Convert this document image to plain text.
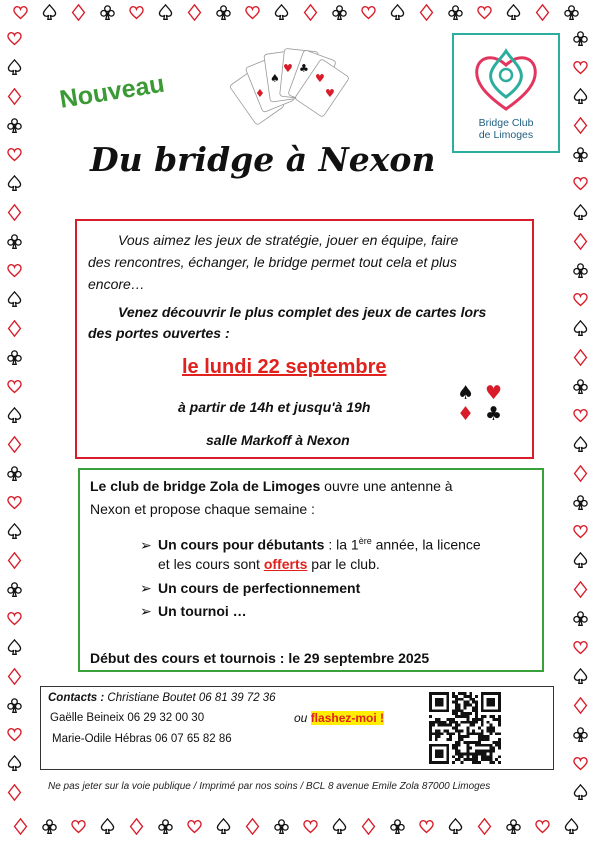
Nouveau	♦
♠
♥ ♣
♥
♥
Bridge Club
de Limoges
Du bridge à Nexon
Vous aimez les jeux de stratégie, jouer en équipe, faire
des rencontres, échanger, le bridge permet tout cela et plus
encore…
Venez découvrir le plus complet des jeux de cartes lors
des portes ouvertes :
le lundi 22 septembre
à partir de 14h et jusqu'à 19h
salle Markoff à Nexon
♠ ♥
♦ ♣
Le club de bridge Zola de Limoges ouvre une antenne à
Nexon et propose chaque semaine :
➢ Un cours pour débutants : la 1ère année, la licence
et les cours sont offerts par le club.
➢ Un cours de perfectionnement
➢ Un tournoi …
Début des cours et tournois : le 29 septembre 2025
Contacts : Christiane Boutet 06 81 39 72 36
Gaëlle Beineix 06 29 32 00 30
Marie-Odile Hébras 06 07 65 82 86
ou flashez-moi !
Ne pas jeter sur la voie publique / Imprimé par nos soins / BCL 8 avenue Emile Zola 87000 Limoges
